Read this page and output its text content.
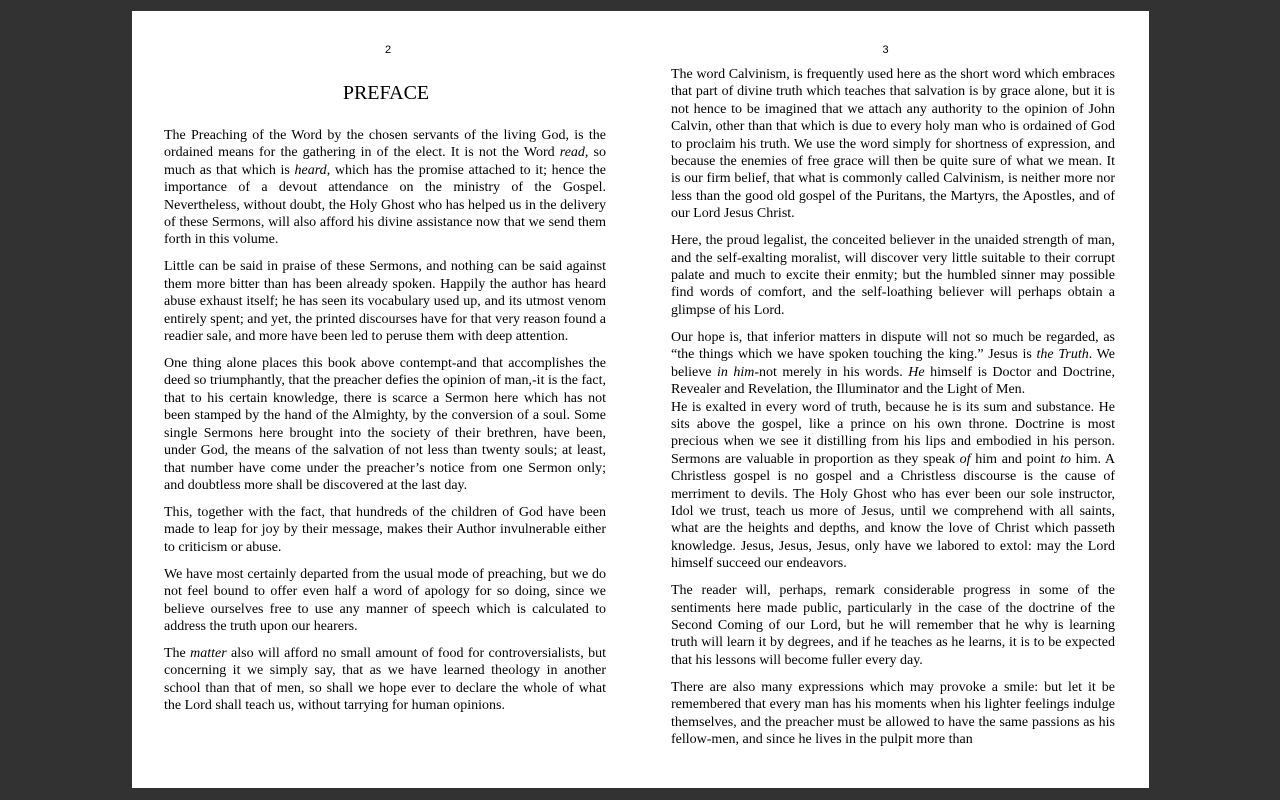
2
PREFACE

The Preaching of the Word by the chosen servants of the living God, is the ordained means for the gathering in of the elect. It is not the Word read, so much as that which is heard, which has the promise attached to it; hence the importance of a devout attendance on the ministry of the Gospel. Nevertheless, without doubt, the Holy Ghost who has helped us in the delivery of these Sermons, will also afford his divine assistance now that we send them forth in this volume.

Little can be said in praise of these Sermons, and nothing can be said against them more bitter than has been already spoken. Happily the author has heard abuse exhaust itself; he has seen its vocabulary used up, and its utmost venom entirely spent; and yet, the printed discourses have for that very reason found a readier sale, and more have been led to peruse them with deep attention.

One thing alone places this book above contempt-and that accomplishes the deed so triumphantly, that the preacher defies the opinion of man,-it is the fact, that to his certain knowledge, there is scarce a Sermon here which has not been stamped by the hand of the Almighty, by the conversion of a soul. Some single Sermons here brought into the society of their brethren, have been, under God, the means of the salvation of not less than twenty souls; at least, that number have come under the preacher’s notice from one Sermon only; and doubtless more shall be discovered at the last day.

This, together with the fact, that hundreds of the children of God have been made to leap for joy by their message, makes their Author invulnerable either to criticism or abuse.

We have most certainly departed from the usual mode of preaching, but we do not feel bound to offer even half a word of apology for so doing, since we believe ourselves free to use any manner of speech which is calculated to address the truth upon our hearers.

The matter also will afford no small amount of food for controversialists, but concerning it we simply say, that as we have learned theology in another school than that of men, so shall we hope ever to declare the whole of what the Lord shall teach us, without tarrying for human opinions.

3

The word Calvinism, is frequently used here as the short word which embraces that part of divine truth which teaches that salvation is by grace alone, but it is not hence to be imagined that we attach any authority to the opinion of John Calvin, other than that which is due to every holy man who is ordained of God to proclaim his truth. We use the word simply for shortness of expression, and because the enemies of free grace will then be quite sure of what we mean. It is our firm belief, that what is commonly called Calvinism, is neither more nor less than the good old gospel of the Puritans, the Martyrs, the Apostles, and of our Lord Jesus Christ.

Here, the proud legalist, the conceited believer in the unaided strength of man, and the self-exalting moralist, will discover very little suitable to their corrupt palate and much to excite their enmity; but the humbled sinner may possible find words of comfort, and the self-loathing believer will perhaps obtain a glimpse of his Lord.

Our hope is, that inferior matters in dispute will not so much be regarded, as “the things which we have spoken touching the king.” Jesus is the Truth. We believe in him-not merely in his words. He himself is Doctor and Doctrine, Revealer and Revelation, the Illuminator and the Light of Men.

He is exalted in every word of truth, because he is its sum and substance. He sits above the gospel, like a prince on his own throne. Doctrine is most precious when we see it distilling from his lips and embodied in his person. Sermons are valuable in proportion as they speak of him and point to him. A Christless gospel is no gospel and a Christless discourse is the cause of merriment to devils. The Holy Ghost who has ever been our sole instructor, Idol we trust, teach us more of Jesus, until we comprehend with all saints, what are the heights and depths, and know the love of Christ which passeth knowledge. Jesus, Jesus, Jesus, only have we labored to extol: may the Lord himself succeed our endeavors.

The reader will, perhaps, remark considerable progress in some of the sentiments here made public, particularly in the case of the doctrine of the Second Coming of our Lord, but he will remember that he why is learning truth will learn it by degrees, and if he teaches as he learns, it is to be expected that his lessons will become fuller every day.

There are also many expressions which may provoke a smile: but let it be remembered that every man has his moments when his lighter feelings indulge themselves, and the preacher must be allowed to have the same passions as his fellow-men, and since he lives in the pulpit more than
